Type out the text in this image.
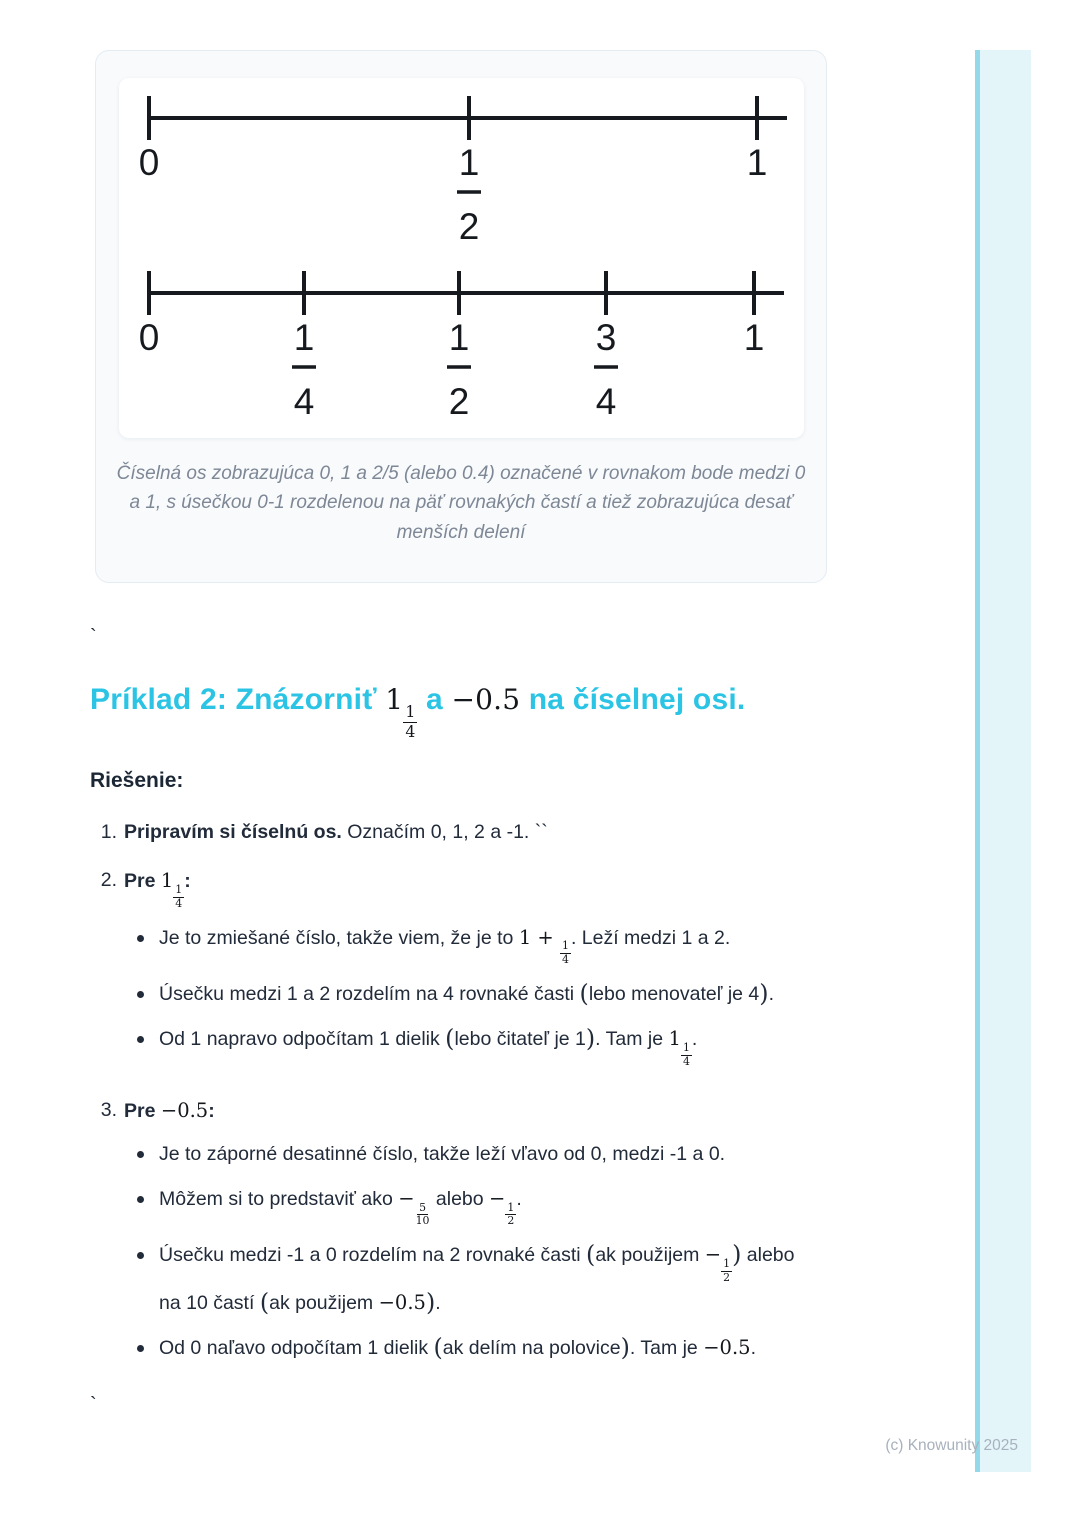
(c) Knowunity 2025
0	1
2
1
0	1
4
1
2
3
4
1

Číselná os zobrazujúca 0, 1 a 2/5 (alebo 0.4) označené v rovnakom bode medzi 0 a 1, s úsečkou 0-1 rozdelenou na päť rovnakých častí a tiež zobrazujúca desať menších delení

`
Príklad 2: Znázorniť 1
$\frac{1}{4}$
a −0.5 na číselnej osi.

Riešenie:

1. Pripravím si číselnú os. Označím 0, 1, 2 a -1. ``

2. Pre 1
$\frac{1}{4}$
:

Je to zmiešané číslo, takže viem, že je to 1 +
$\frac{1}{4}$
. Leží medzi 1 a 2.

Úsečku medzi 1 a 2 rozdelím na 4 rovnaké časti (lebo menovateľ je 4).

Od 1 napravo odpočítam 1 dielik (lebo čitateľ je 1). Tam je 1
$\frac{1}{4}$
.

3. Pre −0.5:

Je to záporné desatinné číslo, takže leží vľavo od 0, medzi -1 a 0.

Môžem si to predstaviť ako −
$\frac{5}{10}$
alebo −
$\frac{1}{2}$
.

Úsečku medzi -1 a 0 rozdelím na 2 rovnaké časti (ak použijem −
$\frac{1}{2}$
) alebo na 10 častí (ak použijem −0.5).

Od 0 naľavo odpočítam 1 dielik (ak delím na polovice). Tam je −0.5.

`
